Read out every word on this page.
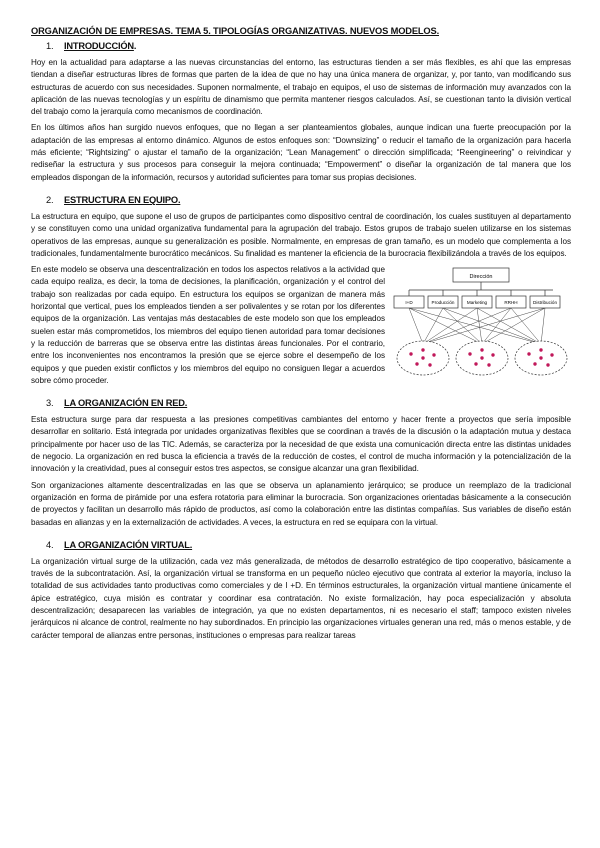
ORGANIZACIÓN DE EMPRESAS. TEMA 5. TIPOLOGÍAS ORGANIZATIVAS. NUEVOS MODELOS.
1. INTRODUCCIÓN.

Hoy en la actualidad para adaptarse a las nuevas circunstancias del entorno, las estructuras tienden a ser más flexibles, es ahí que las empresas tiendan a diseñar estructuras libres de formas que parten de la idea de que no hay una única manera de organizar, y, por tanto, van modificando sus estructuras de acuerdo con sus necesidades. Suponen normalmente, el trabajo en equipos, el uso de sistemas de información muy avanzados con la aplicación de las nuevas tecnologías y un espíritu de dinamismo que permita mantener riesgos calculados. Así, se cuestionan tanto la división vertical del trabajo como la jerarquía como mecanismos de coordinación.

En los últimos años han surgido nuevos enfoques, que no llegan a ser planteamientos globales, aunque indican una fuerte preocupación por la adaptación de las empresas al entorno dinámico. Algunos de estos enfoques son: “Downsizing” o reducir el tamaño de la organización para hacerla más eficiente; “Rightsizing” o ajustar el tamaño de la organización; “Lean Management” o dirección simplificada; “Reengineering” o reivindicar y rediseñar la estructura y sus procesos para conseguir la mejora continuada; “Empowerment” o diseñar la organización de tal manera que los empleados dispongan de la información, recursos y autoridad suficientes para tomar sus propias decisiones.

2. ESTRUCTURA EN EQUIPO.

La estructura en equipo, que supone el uso de grupos de participantes como dispositivo central de coordinación, los cuales sustituyen al departamento y se constituyen como una unidad organizativa fundamental para la agrupación del trabajo. Estos grupos de trabajo suelen utilizarse en los sistemas operativos de las empresas, aunque su generalización es posible. Normalmente, en empresas de gran tamaño, es un modelo que complementa a los tradicionales, fundamentalmente burocrático mecánicos. Su finalidad es mantener la eficiencia de la burocracia flexibilizándola a través de los equipos.

Dirección
I+D	Producción	Marketing	RRHH	Distribución

En este modelo se observa una descentralización en todos los aspectos relativos a la actividad que cada equipo realiza, es decir, la toma de decisiones, la planificación, organización y el control del trabajo son realizadas por cada equipo. En estructura los equipos se organizan de manera más horizontal que vertical, pues los empleados tienden a ser polivalentes y se rotan por los diferentes equipos de la organización. Las ventajas más destacables de este modelo son que los empleados suelen estar más comprometidos, los miembros del equipo tienen autoridad para tomar decisiones y la reducción de barreras que se observa entre las distintas áreas funcionales. Por el contrario, entre los inconvenientes nos encontramos la presión que se ejerce sobre el desempeño de los equipos y que pueden existir conflictos y los miembros del equipo no consiguen llegar a acuerdos sobre cómo proceder.

3. LA ORGANIZACIÓN EN RED.

Esta estructura surge para dar respuesta a las presiones competitivas cambiantes del entorno y hacer frente a proyectos que sería imposible desarrollar en solitario. Está integrada por unidades organizativas flexibles que se coordinan a través de la discusión o la adaptación mutua y destaca principalmente por hacer uso de las TIC. Además, se caracteriza por la necesidad de que exista una comunicación directa entre las distintas unidades de negocio. La organización en red busca la eficiencia a través de la reducción de costes, el control de mucha información y la potencialización de la innovación y la creatividad, pues al conseguir estos tres aspectos, se consigue alcanzar una gran flexibilidad.

Son organizaciones altamente descentralizadas en las que se observa un aplanamiento jerárquico; se produce un reemplazo de la tradicional organización en forma de pirámide por una esfera rotatoria para eliminar la burocracia. Son organizaciones orientadas básicamente a la consecución de proyectos y facilitan un desarrollo más rápido de productos, así como la colaboración entre las distintas compañías. Sus variables de diseño están basadas en alianzas y en la externalización de actividades. A veces, la estructura en red se equipara con la virtual.

4. LA ORGANIZACIÓN VIRTUAL.

La organización virtual surge de la utilización, cada vez más generalizada, de métodos de desarrollo estratégico de tipo cooperativo, básicamente a través de la subcontratación. Así, la organización virtual se transforma en un pequeño núcleo ejecutivo que contrata al exterior la mayoría, incluso la totalidad de sus actividades tanto productivas como comerciales y de I +D. En términos estructurales, la organización virtual mantiene únicamente el ápice estratégico, cuya misión es contratar y coordinar esa contratación. No existe formalización, hay poca especialización y absoluta descentralización; desaparecen las variables de integración, ya que no existen departamentos, ni es necesario el staff; tampoco existen niveles jerárquicos ni alcance de control, realmente no hay subordinados. En principio las organizaciones virtuales generan una red, más o menos estable, y de carácter temporal de alianzas entre personas, instituciones o empresas para realizar tareas
